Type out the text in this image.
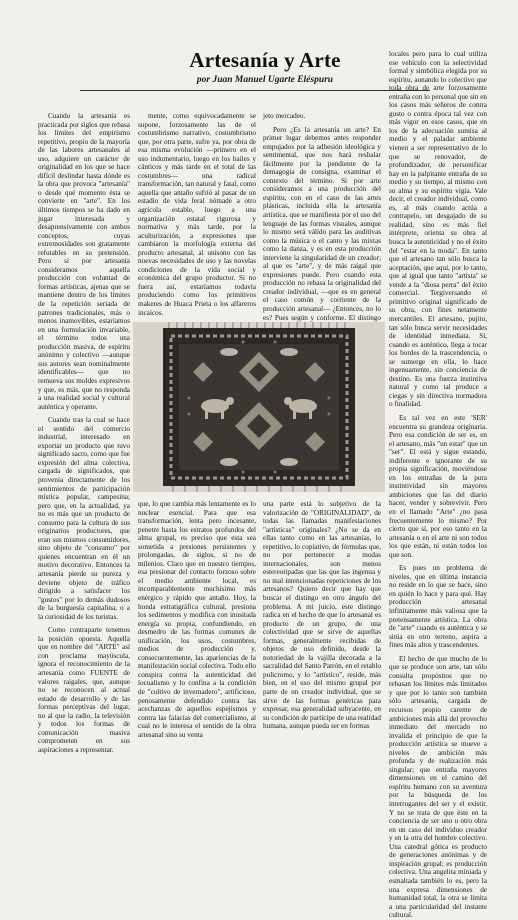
Artesanía y Arte
por Juan Manuel Ugarte Eléspuru

Cuando la artesanía es practicada por siglos que rebasa los límites del empirismo repetitivo, propio de la mayoría de las labores artesanales al uso, adquiere un carácter de originalidad en los que se hace difícil deslindar hasta dónde es la obra que provoca "artesanía" o desde qué momento ésta se convierte en "arte". En los últimos tiempos se ha dado en jugar interesada y desaprensivamente con ambos conceptos, cuyas extremosidades son gratamente refutables en su pretensión. Pero si por artesanía consideramos aquella producción con voluntad de formas artísticas, ajenas que se mantiene dentro de los límites de la repetición seriada de patrones tradicionales, más o menos inamovibles, estaríamos en una formulación invariable, el término todos una producción masiva, de espíritu anónimo y colectivo —aunque sus autores sean nominalmente identificables— que no remueva sus moldes expresivos y que, es más, que no responda a una realidad social y cultural auténtica y operante.

Cuando tras la cual se hace el sentido del comercio industrial, interesado en exportar un producto que tuvo significado sacro, como que fue expresión del alma colectiva, cargada de significados, que provenía directamente de los sentimientos de participación mística popular, campesina; pero que, en la actualidad, ya no es más que un producto de consumo para la cultura de sus originarios productores, que eran sus mismos consumidores, sino objeto de "consumo" por quienes encuentran en él un motivo decorativo. Entonces la artesanía pierde su pureza y deviene objeto de tráfico dirigido a satisfacer los "gustos" por lo demás dudosos de la burguesía capitalina, o a la curiosidad de los turistas.

Como contraparte tenemos la posición opuesta. Aquella que en nombre del "ARTE" así con proclama mayúscula, ignora el reconocimiento de la artesanía como FUENTE de valores raigales, que, aunque no se reconocen al actual estado de desarrollo y de las formas perceptivas del lugar, no al que la radio, la televisión y todos los formas de comunicación masiva comprometen en sus aspiraciones a representar.

mente, como equivocadamente se supone, forzosamente las de el costumbrismo narrativo, costumbrismo que, por otra parte, sufre ya, por obra de esa misma evolución —primero en el uso indumentario, luego en los bailes y cánticos y más tarde en el total de las costumbres— una radical transformación, tan natural y fatal, como aquella que antaño sufrió al pasar de un estadio de vida feral nómade a otro agrícola estable, luego a una organización estatal rigurosa y normativa y más tarde, por la aculturización, a expresiones que cambiaron la morfología externa del producto artesanal, al unísono con las nuevas necesidades de uso y las novelas condiciones de la vida social y económica del grupo productor. Si no fuera así, estaríamos todavía produciendo como los primitivos makeres de Huaca Prieta o los alfareros incaicos.

jeto mercadeo.

Pero ¿Es la artesanía un arte? En primer lugar debemos antes responder empujados por la adhesión ideológica y sentimental, que nos hará resbalar fácilmente por la pendiente de la demagogia de consigna, examinar el contexto del término. Si por arte consideramos a una producción del espíritu, con en el caso de las artes plásticas, incluida ella la artesanía artística, que se manifiesta por el uso del lenguaje de las formas visuales, aunque lo mismo será válido para las auditivas como la música o el canto y las mixtas como la danza, y es en esta producción interviene la singularidad de un creador; al que es "arte", y de más raigal que expresiones puede. Pero cuando esta producción no rebasa la originalidad del creador individual, —que es en general el caso común y corriente de la producción artesanal— ¿Entonces, no lo es? Pues según y conforme. El distingo

locales pero para lo cual utiliza ese vehículo con la selectividad formal y simbólica elegida por su espíritu, aunando lo colectivo que toda obra de arte forzosamente entraña con lo personal que sin en los casos más señeros de contra gusto o contra época tal vez con más vigor en esos casos, que en los de la adecuación sumisa al medio y el paladar ambiente vienen a ser representativo de lo que se renovador, de profundizador, de personificar hay en la palpitante entraña de su medio y su tiempo, al mismo con su alma y su espíritu vigía. Vale decir, el creador individual, como es, al más cuando actúa a contrapelo, un desgajado de su realidad, sino es más fiel intérprete, orienta su obra al busca la autenticidad y no el éxito del "estar en la moda". En tanto que el artesano tan sólo busca la aceptación, que aquí, por lo tanto, que al igual que tanto "artista" se vende a la "diosa perra" del éxito comercial. Tergiversando el primitivo original significado de su obra, con fines netamente mercantiles. El artesano, pujito, tan sólo busca servir necesidades de identidad inmediata. Si, cuando es auténtico, llega a tocar los bordes de la trascendencia, o se sumerge en ella, lo hace ingenuamente, sin conciencia de destino. Es una fuerza instintiva natural y como tal produce a ciegas y sin directiva normadora o finalidad.

Es tal vez en este 'SER' encuentra su grandeza originaria. Pero esa condición de ser es, en el artesano, más "un estar" que un "ser". El está y sigue estando, indiferente e ignorante de su propia significación, moviéndose en los entrañas de la pura instintividad sin mayores ambiciones que las del diario hacer, vender y sobrevivir. Pero en el llamado "Arte" ¿no pasa frecuentemente lo mismo? Por cierto que sí, por eso tanto en la artesanía o en el arte ni son todos los que están, ni están todos los que son.

Es pues un problema de niveles, que en última instancia no reside en lo que se hace, sino en quién lo hace y para qué. Hay producción artesanal infinitamente más valiosa que la pretensamente artística. La obra de "arte" cuando es auténtica y se sitúa en otro terreno, aspira a fines más altos y trascendentes.

El hecho de que mucho de lo que se produce son arte, tan sólo consulta propósitos que no rebasan los límites más limitados y que por lo tanto son también sólo artesanía, cargada de recursos propio carente de ambiciones más allá del provecho inmediato del mercado no invalida el principio de que la producción artística se mueve a niveles de ambición más profunda y de realización más singular; que entraña mayores dimensiones en el camino del espíritu humano con su aventura por la búsqueda de los interrogantes del ser y el existir. Y no se trata de que éste en la conciencia de ser uno u otro obra en un caso del individuo creador y en la otra del hombre colectivo. Una catedral gótica es producto de generaciones anónimas y de inspiración grupal; es producción colectiva. Una angelita miniada y esmaltada también lo es, pero la una expresa dimensiones de humanidad total, la otra se limita a una particularidad del instante cultural.

que, lo que cambia más lentamente es lo nuclear esencial. Para que esa transformación, lenta pero incesante, penetre hasta los estratos profundos del alma grupal, es preciso que esta sea sometida a presiones persistentes y prolongadas, de siglos, si no de milenios. Claro que en nuestro tiempos, esa presionar del contacto forzoso sobre el medio ambiente local, es incomparablemente muchísimo más enérgico y rápido que antaño. Hoy, la honda estratigráfica cultural, presiona los sedimentos y modifica con inusitada energía su propia, confundiendo, en desmedro de las formas comunes de unificación, los usos, costumbres, medios de producción y, consecuentemente, las apariencias de la manifestación social colectiva. Todo ello conspira contra la autenticidad del locualismo y lo confina a la condición de "cultivo de invernadero", artificioso, penosamente defendido contra las acechanzas de aquellos espejismos y contra las falacias del comercialismo, al cual no le interesa el sentido de la obra artesanal sino su venta

una parte está lo subjetivo de la valorización de "ORIGINALIDAD", de todas las llamadas manifestaciones "artísticas" originales? ¿No se da en ellas tanto como en las artesanías, lo repetitivo, lo copiativo, de fórmulas que, no por pertenecer a modas internacionales, son menos estereotipadas que las que las ingenua y no mal intencionadas repeticiones de los artesanos? Quiero decir que hay que buscar el distingo en otro ángulo del problema. A mi juicio, este distingo radica en el hecho de que lo artesanal es producto de un grupo, de una colectividad que se sirve de aquellas formas, generalmente recibidas de objetos de uso definido, desde la notoriedad de la vajilla decorada a la sacralidad del Santo Patrón, en el retablo policromo, y lo "artístico", reside, más bien, en el uso del mismo grupal por parte de un creador individual, que se sirve de las formas genéricas para expresar, esa generalidad subyacente, en su condición de partícipe de una realidad humana, aunque pueda ser en formas
